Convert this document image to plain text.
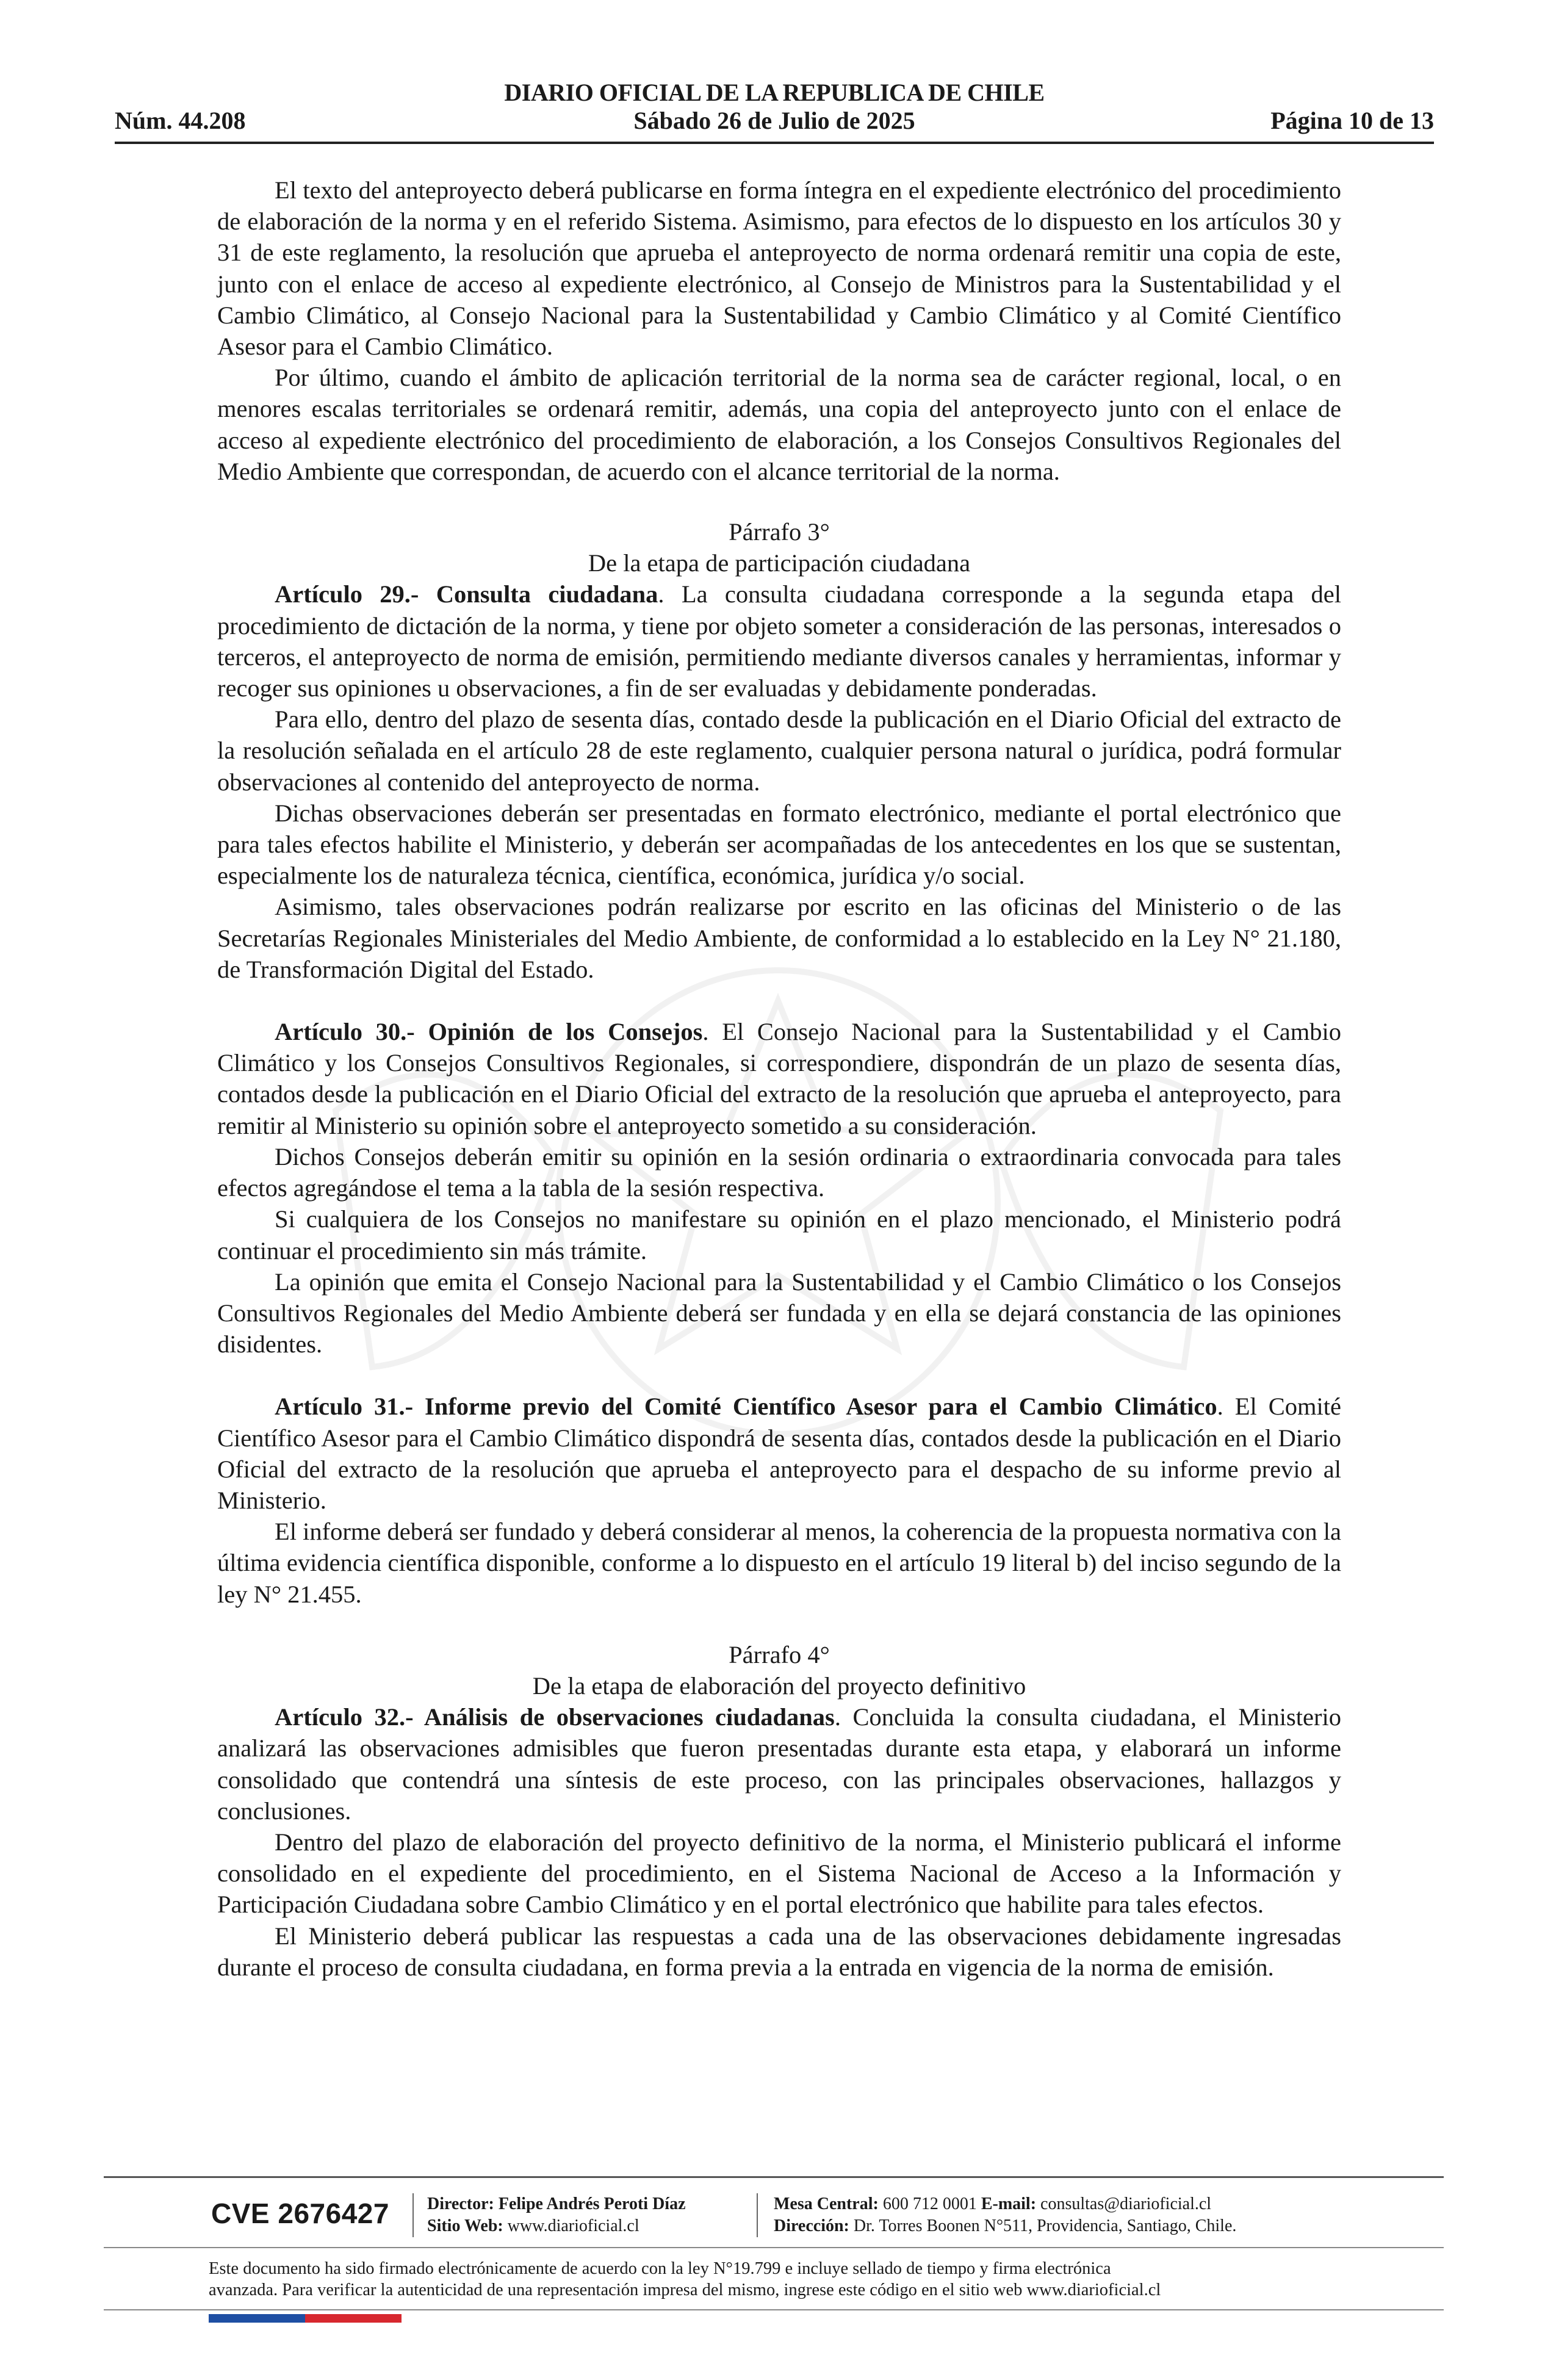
DIARIO OFICIAL DE LA REPUBLICA DE CHILE
Núm. 44.208	Sábado 26 de Julio de 2025	Página 10 de 13

El texto del anteproyecto deberá publicarse en forma íntegra en el expediente electrónico del procedimiento de elaboración de la norma y en el referido Sistema. Asimismo, para efectos de lo dispuesto en los artículos 30 y 31 de este reglamento, la resolución que aprueba el anteproyecto de norma ordenará remitir una copia de este, junto con el enlace de acceso al expediente electrónico, al Consejo de Ministros para la Sustentabilidad y el Cambio Climático, al Consejo Nacional para la Sustentabilidad y Cambio Climático y al Comité Científico Asesor para el Cambio Climático.

Por último, cuando el ámbito de aplicación territorial de la norma sea de carácter regional, local, o en menores escalas territoriales se ordenará remitir, además, una copia del anteproyecto junto con el enlace de acceso al expediente electrónico del procedimiento de elaboración, a los Consejos Consultivos Regionales del Medio Ambiente que correspondan, de acuerdo con el alcance territorial de la norma.

Párrafo 3°
De la etapa de participación ciudadana

Artículo 29.- Consulta ciudadana. La consulta ciudadana corresponde a la segunda etapa del procedimiento de dictación de la norma, y tiene por objeto someter a consideración de las personas, interesados o terceros, el anteproyecto de norma de emisión, permitiendo mediante diversos canales y herramientas, informar y recoger sus opiniones u observaciones, a fin de ser evaluadas y debidamente ponderadas.

Para ello, dentro del plazo de sesenta días, contado desde la publicación en el Diario Oficial del extracto de la resolución señalada en el artículo 28 de este reglamento, cualquier persona natural o jurídica, podrá formular observaciones al contenido del anteproyecto de norma.

Dichas observaciones deberán ser presentadas en formato electrónico, mediante el portal electrónico que para tales efectos habilite el Ministerio, y deberán ser acompañadas de los antecedentes en los que se sustentan, especialmente los de naturaleza técnica, científica, económica, jurídica y/o social.

Asimismo, tales observaciones podrán realizarse por escrito en las oficinas del Ministerio o de las Secretarías Regionales Ministeriales del Medio Ambiente, de conformidad a lo establecido en la Ley N° 21.180, de Transformación Digital del Estado.

Artículo 30.- Opinión de los Consejos. El Consejo Nacional para la Sustentabilidad y el Cambio Climático y los Consejos Consultivos Regionales, si correspondiere, dispondrán de un plazo de sesenta días, contados desde la publicación en el Diario Oficial del extracto de la resolución que aprueba el anteproyecto, para remitir al Ministerio su opinión sobre el anteproyecto sometido a su consideración.

Dichos Consejos deberán emitir su opinión en la sesión ordinaria o extraordinaria convocada para tales efectos agregándose el tema a la tabla de la sesión respectiva.

Si cualquiera de los Consejos no manifestare su opinión en el plazo mencionado, el Ministerio podrá continuar el procedimiento sin más trámite.

La opinión que emita el Consejo Nacional para la Sustentabilidad y el Cambio Climático o los Consejos Consultivos Regionales del Medio Ambiente deberá ser fundada y en ella se dejará constancia de las opiniones disidentes.

Artículo 31.- Informe previo del Comité Científico Asesor para el Cambio Climático. El Comité Científico Asesor para el Cambio Climático dispondrá de sesenta días, contados desde la publicación en el Diario Oficial del extracto de la resolución que aprueba el anteproyecto para el despacho de su informe previo al Ministerio.

El informe deberá ser fundado y deberá considerar al menos, la coherencia de la propuesta normativa con la última evidencia científica disponible, conforme a lo dispuesto en el artículo 19 literal b) del inciso segundo de la ley N° 21.455.

Párrafo 4°
De la etapa de elaboración del proyecto definitivo

Artículo 32.- Análisis de observaciones ciudadanas. Concluida la consulta ciudadana, el Ministerio analizará las observaciones admisibles que fueron presentadas durante esta etapa, y elaborará un informe consolidado que contendrá una síntesis de este proceso, con las principales observaciones, hallazgos y conclusiones.

Dentro del plazo de elaboración del proyecto definitivo de la norma, el Ministerio publicará el informe consolidado en el expediente del procedimiento, en el Sistema Nacional de Acceso a la Información y Participación Ciudadana sobre Cambio Climático y en el portal electrónico que habilite para tales efectos.

El Ministerio deberá publicar las respuestas a cada una de las observaciones debidamente ingresadas durante el proceso de consulta ciudadana, en forma previa a la entrada en vigencia de la norma de emisión.

CVE 2676427 Director: Felipe Andrés Peroti Díaz
Sitio Web: www.diarioficial.cl
Mesa Central: 600 712 0001 E-mail: consultas@diarioficial.cl
Dirección: Dr. Torres Boonen N°511, Providencia, Santiago, Chile.
Este documento ha sido firmado electrónicamente de acuerdo con la ley N°19.799 e incluye sellado de tiempo y firma electrónica
avanzada. Para verificar la autenticidad de una representación impresa del mismo, ingrese este código en el sitio web www.diarioficial.cl
